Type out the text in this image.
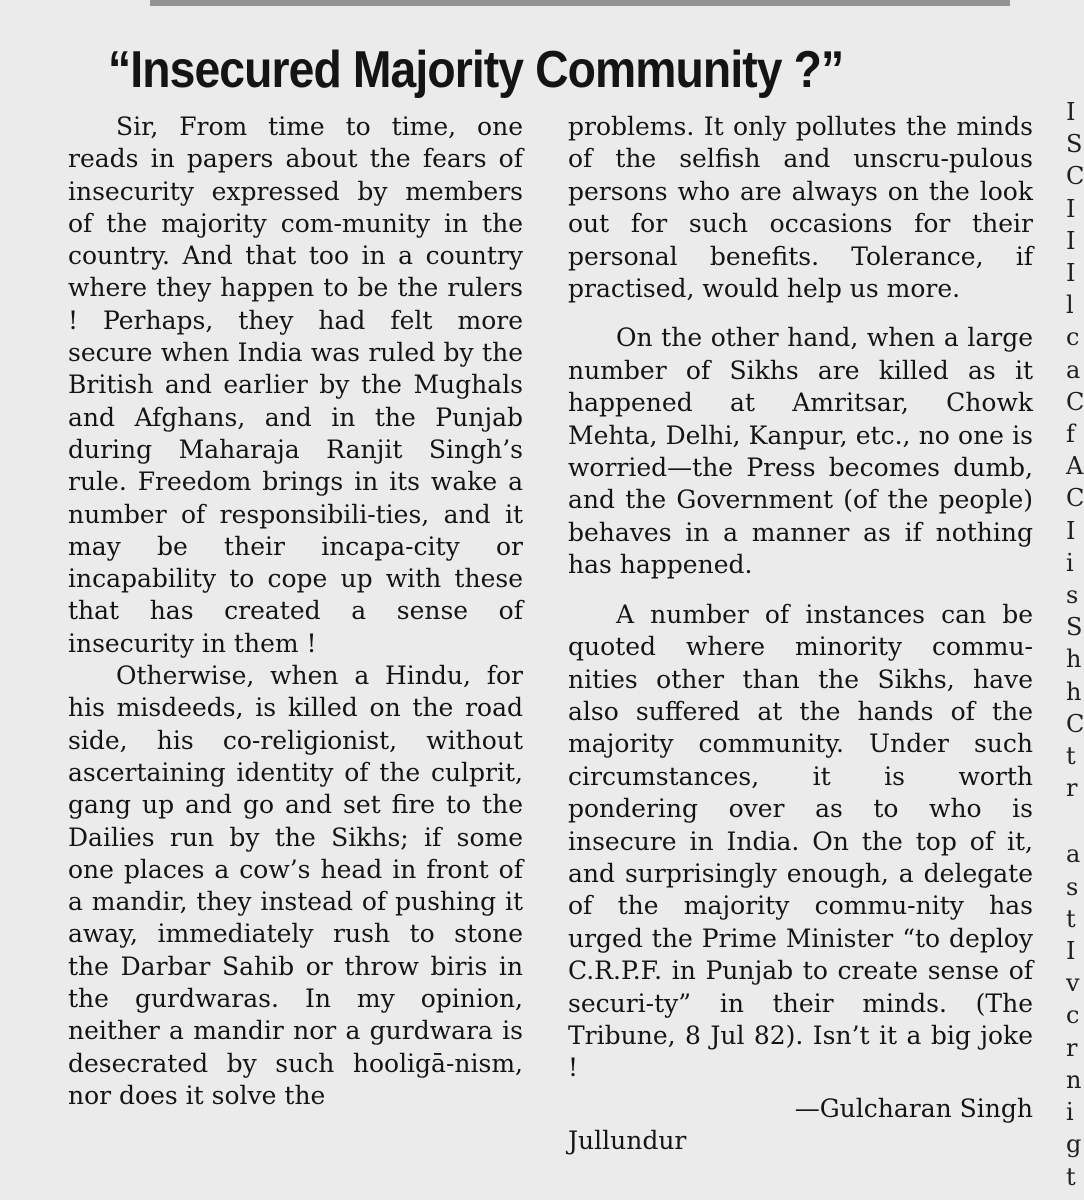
“Insecured Majority Community ?”

Sir, From time to time, one reads in papers about the fears of insecurity expressed by members of the majority com-munity in the country. And that too in a country where they happen to be the rulers ! Perhaps, they had felt more secure when India was ruled by the British and earlier by the Mughals and Afghans, and in the Punjab during Maharaja Ranjit Singh’s rule. Freedom brings in its wake a number of responsibili-ties, and it may be their incapa-city or incapability to cope up with these that has created a sense of insecurity in them !

Otherwise, when a Hindu, for his misdeeds, is killed on the road side, his co-religionist, without ascertaining identity of the culprit, gang up and go and set fire to the Dailies run by the Sikhs; if some one places a cow’s head in front of a mandir, they instead of pushing it away, immediately rush to stone the Darbar Sahib or throw biris in the gurdwaras. In my opinion, neither a mandir nor a gurdwara is desecrated by such hooligā-nism, nor does it solve the

problems. It only pollutes the minds of the selfish and unscru-pulous persons who are always on the look out for such occasions for their personal benefits. Tolerance, if practised, would help us more.

On the other hand, when a large number of Sikhs are killed as it happened at Amritsar, Chowk Mehta, Delhi, Kanpur, etc., no one is worried—the Press becomes dumb, and the Government (of the people) behaves in a manner as if nothing has happened.

A number of instances can be quoted where minority commu-nities other than the Sikhs, have also suffered at the hands of the majority community. Under such circumstances, it is worth pondering over as to who is insecure in India. On the top of it, and surprisingly enough, a delegate of the majority commu-nity has urged the Prime Minister “to deploy C.R.P.F. in Punjab to create sense of securi-ty” in their minds. (The Tribune, 8 Jul 82). Isn’t it a big joke !

—Gulcharan Singh

Jullundur

I
S
C
I
I
I
l
c
a
C
f
A
C
I
i
s
S
h
h
C
t
r
a
s
t
I
v
c
r
n
i
g
t
